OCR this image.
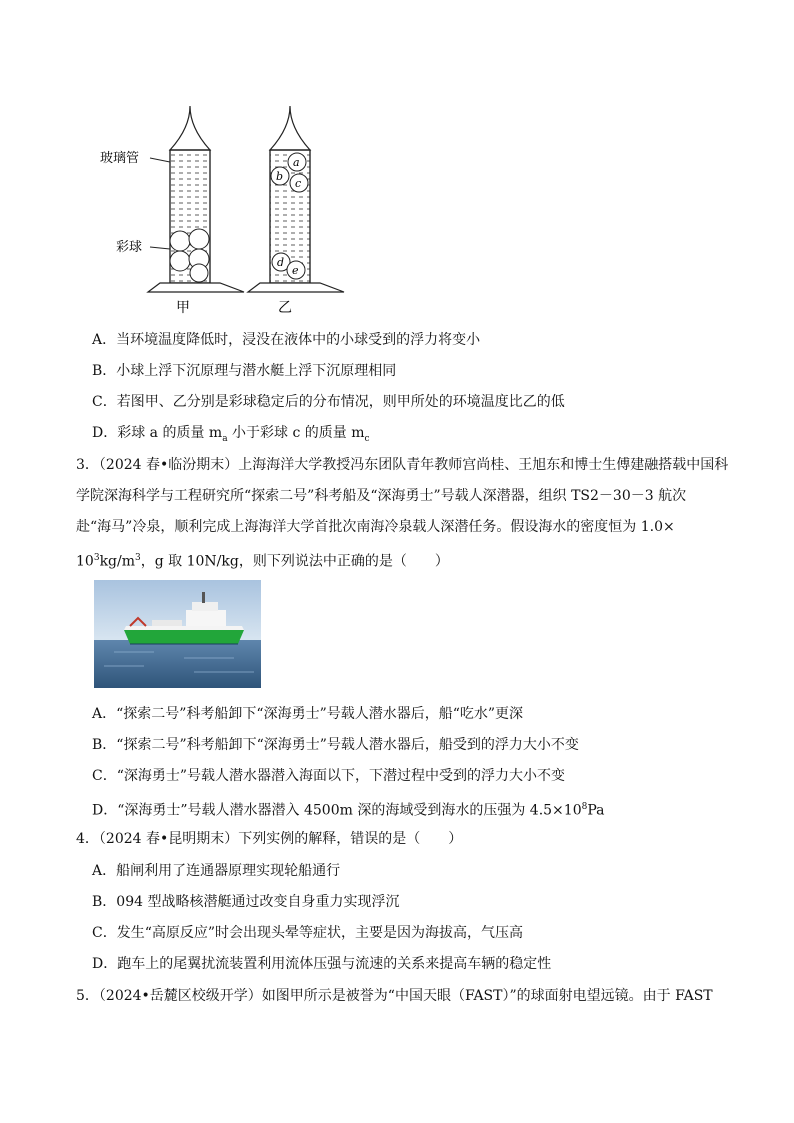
a
b
c
d
e
玻璃管
彩球
甲	乙
A．当环境温度降低时，浸没在液体中的小球受到的浮力将变小
B．小球上浮下沉原理与潜水艇上浮下沉原理相同
C．若图甲、乙分别是彩球稳定后的分布情况，则甲所处的环境温度比乙的低
D．彩球 a 的质量 $m_a$ 小于彩球 c 的质量 $m_c$
3．（2024 春•临汾期末）上海海洋大学教授冯东团队青年教师宫尚桂、王旭东和博士生傅建融搭载中国科
学院深海科学与工程研究所“探索二号”科考船及“深海勇士”号载人深潜器，组织 TS2－30－3 航次
赴“海马”冷泉，顺利完成上海海洋大学首批次南海冷泉载人深潜任务。假设海水的密度恒为 1.0×
$10^3kg/m^3$，g 取 10N/kg，则下列说法中正确的是（　　）
A．“探索二号”科考船卸下“深海勇士”号载人潜水器后，船“吃水”更深
B．“探索二号”科考船卸下“深海勇士”号载人潜水器后，船受到的浮力大小不变
C．“深海勇士”号载人潜水器潜入海面以下，下潜过程中受到的浮力大小不变
D．“深海勇士”号载人潜水器潜入 4500m 深的海域受到海水的压强为 $4.5\times 10^8Pa$
4．（2024 春•昆明期末）下列实例的解释，错误的是（　　）
A．船闸利用了连通器原理实现轮船通行
B．094 型战略核潜艇通过改变自身重力实现浮沉
C．发生“高原反应”时会出现头晕等症状，主要是因为海拔高，气压高
D．跑车上的尾翼扰流装置利用流体压强与流速的关系来提高车辆的稳定性
5．（2024•岳麓区校级开学）如图甲所示是被誉为“中国天眼（FAST）”的球面射电望远镜。由于 FAST
